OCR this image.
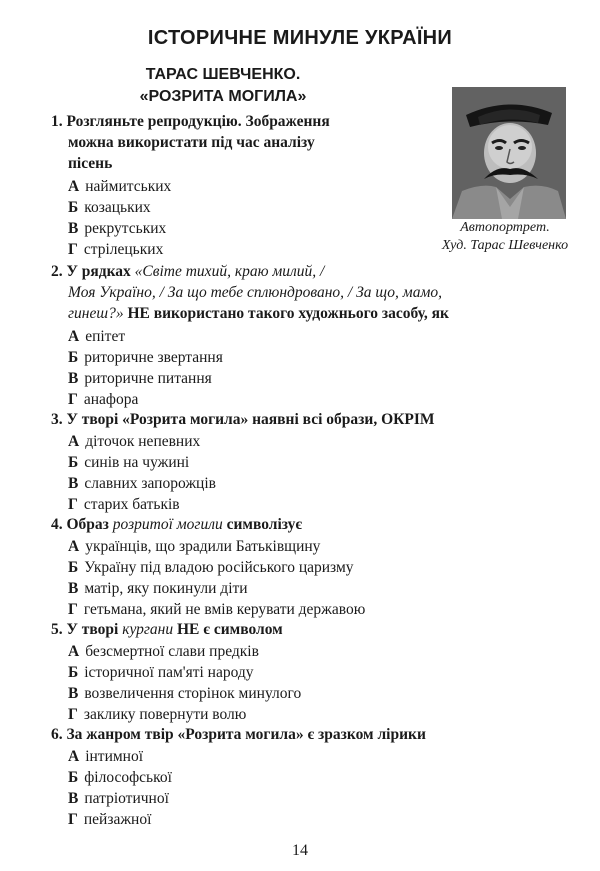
ІСТОРИЧНЕ МИНУЛЕ УКРАЇНИ
ТАРАС ШЕВЧЕНКО.
«РОЗРИТА МОГИЛА»
Автопортрет.
Худ. Тарас Шевченко
1. Розгляньте репродукцію. Зображення
можна використати під час аналізу
пісень
А наймитських
Б козацьких
В рекрутських
Г стрілецьких
2. У рядках «Світе тихий, краю милий, /
Моя Україно, / За що тебе сплюндровано, / За що, мамо,
гинеш?» НЕ використано такого художнього засобу, як
А епітет
Б риторичне звертання
В риторичне питання
Г анафора
3. У творі «Розрита могила» наявні всі образи, ОКРІМ
А діточок непевних
Б синів на чужині
В славних запорожців
Г старих батьків
4. Образ розритої могили символізує
А українців, що зрадили Батьківщину
Б Україну під владою російського царизму
В матір, яку покинули діти
Г гетьмана, який не вмів керувати державою
5. У творі кургани НЕ є символом
А безсмертної слави предків
Б історичної пам'яті народу
В возвеличення сторінок минулого
Г заклику повернути волю
6. За жанром твір «Розрита могила» є зразком лірики
А інтимної
Б філософської
В патріотичної
Г пейзажної
14
